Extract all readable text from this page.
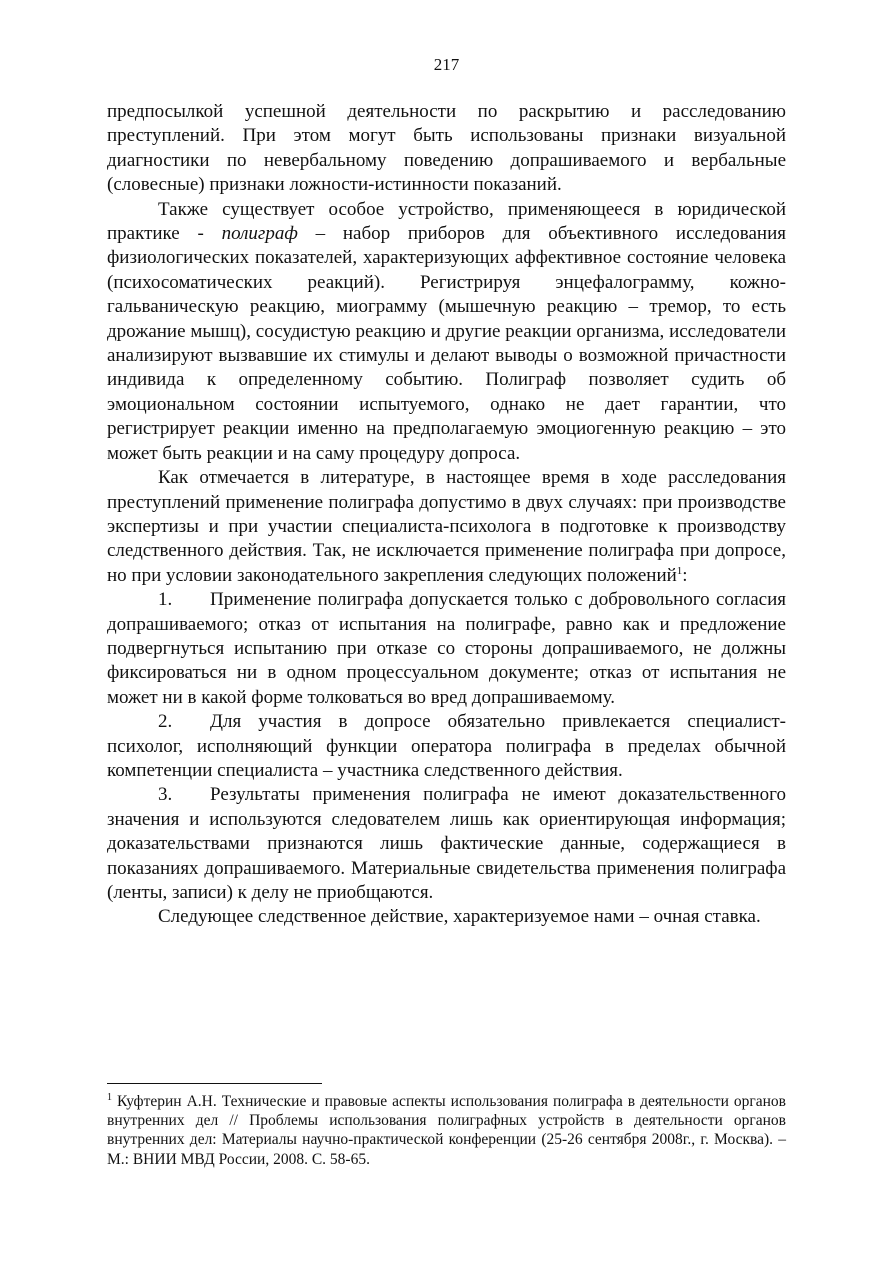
217

предпосылкой успешной деятельности по раскрытию и расследованию преступлений. При этом могут быть использованы признаки визуальной диагностики по невербальному поведению допрашиваемого и вербальные (словесные) признаки ложности-истинности показаний.

Также существует особое устройство, применяющееся в юридической практике - полиграф – набор приборов для объективного исследования физиологических показателей, характеризующих аффективное состояние человека (психосоматических реакций). Регистрируя энцефалограмму, кожно-гальваническую реакцию, миограмму (мышечную реакцию – тремор, то есть дрожание мышц), сосудистую реакцию и другие реакции организма, исследователи анализируют вызвавшие их стимулы и делают выводы о возможной причастности индивида к определенному событию. Полиграф позволяет судить об эмоциональном состоянии испытуемого, однако не дает гарантии, что регистрирует реакции именно на предполагаемую эмоциогенную реакцию – это может быть реакции и на саму процедуру допроса.

Как отмечается в литературе, в настоящее время в ходе расследования преступлений применение полиграфа допустимо в двух случаях: при производстве экспертизы и при участии специалиста-психолога в подготовке к производству следственного действия. Так, не исключается применение полиграфа при допросе, но при условии законодательного закрепления следующих положений$^1$:

1. Применение полиграфа допускается только с добровольного согласия допрашиваемого; отказ от испытания на полиграфе, равно как и предложение подвергнуться испытанию при отказе со стороны допрашиваемого, не должны фиксироваться ни в одном процессуальном документе; отказ от испытания не может ни в какой форме толковаться во вред допрашиваемому.

2. Для участия в допросе обязательно привлекается специалист-психолог, исполняющий функции оператора полиграфа в пределах обычной компетенции специалиста – участника следственного действия.

3. Результаты применения полиграфа не имеют доказательственного значения и используются следователем лишь как ориентирующая информация; доказательствами признаются лишь фактические данные, содержащиеся в показаниях допрашиваемого. Материальные свидетельства применения полиграфа (ленты, записи) к делу не приобщаются.

Следующее следственное действие, характеризуемое нами – очная ставка.

$^1$ Куфтерин А.Н. Технические и правовые аспекты использования полиграфа в деятельности органов внутренних дел // Проблемы использования полиграфных устройств в деятельности органов внутренних дел: Материалы научно-практической конференции (25-26 сентября 2008г., г. Москва). – М.: ВНИИ МВД России, 2008. С. 58-65.
